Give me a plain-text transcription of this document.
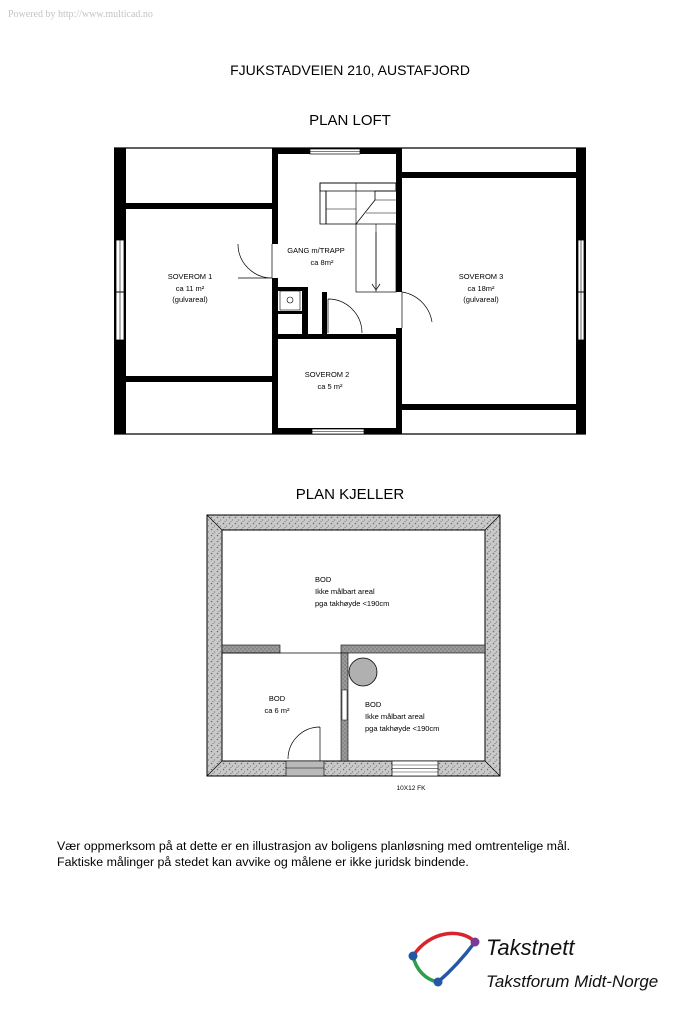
Powered by http://www.multicad.no
FJUKSTADVEIEN 210, AUSTAFJORD
PLAN LOFT
PLAN KJELLER
SOVEROM 1
ca 11 m²
(gulvareal)
GANG m/TRAPP
ca 8m²
SOVEROM 3
ca 18m²
(gulvareal)
SOVEROM 2
ca 5 m²
BOD
Ikke målbart areal
pga takhøyde <190cm
BOD
ca 6 m²
BOD
Ikke målbart areal
pga takhøyde <190cm
10X12 FK
Vær oppmerksom på at dette er en illustrasjon av boligens planløsning med omtrentelige mål.
Faktiske målinger på stedet kan avvike og målene er ikke juridsk bindende.
Takstnett
Takstforum Midt-Norge
